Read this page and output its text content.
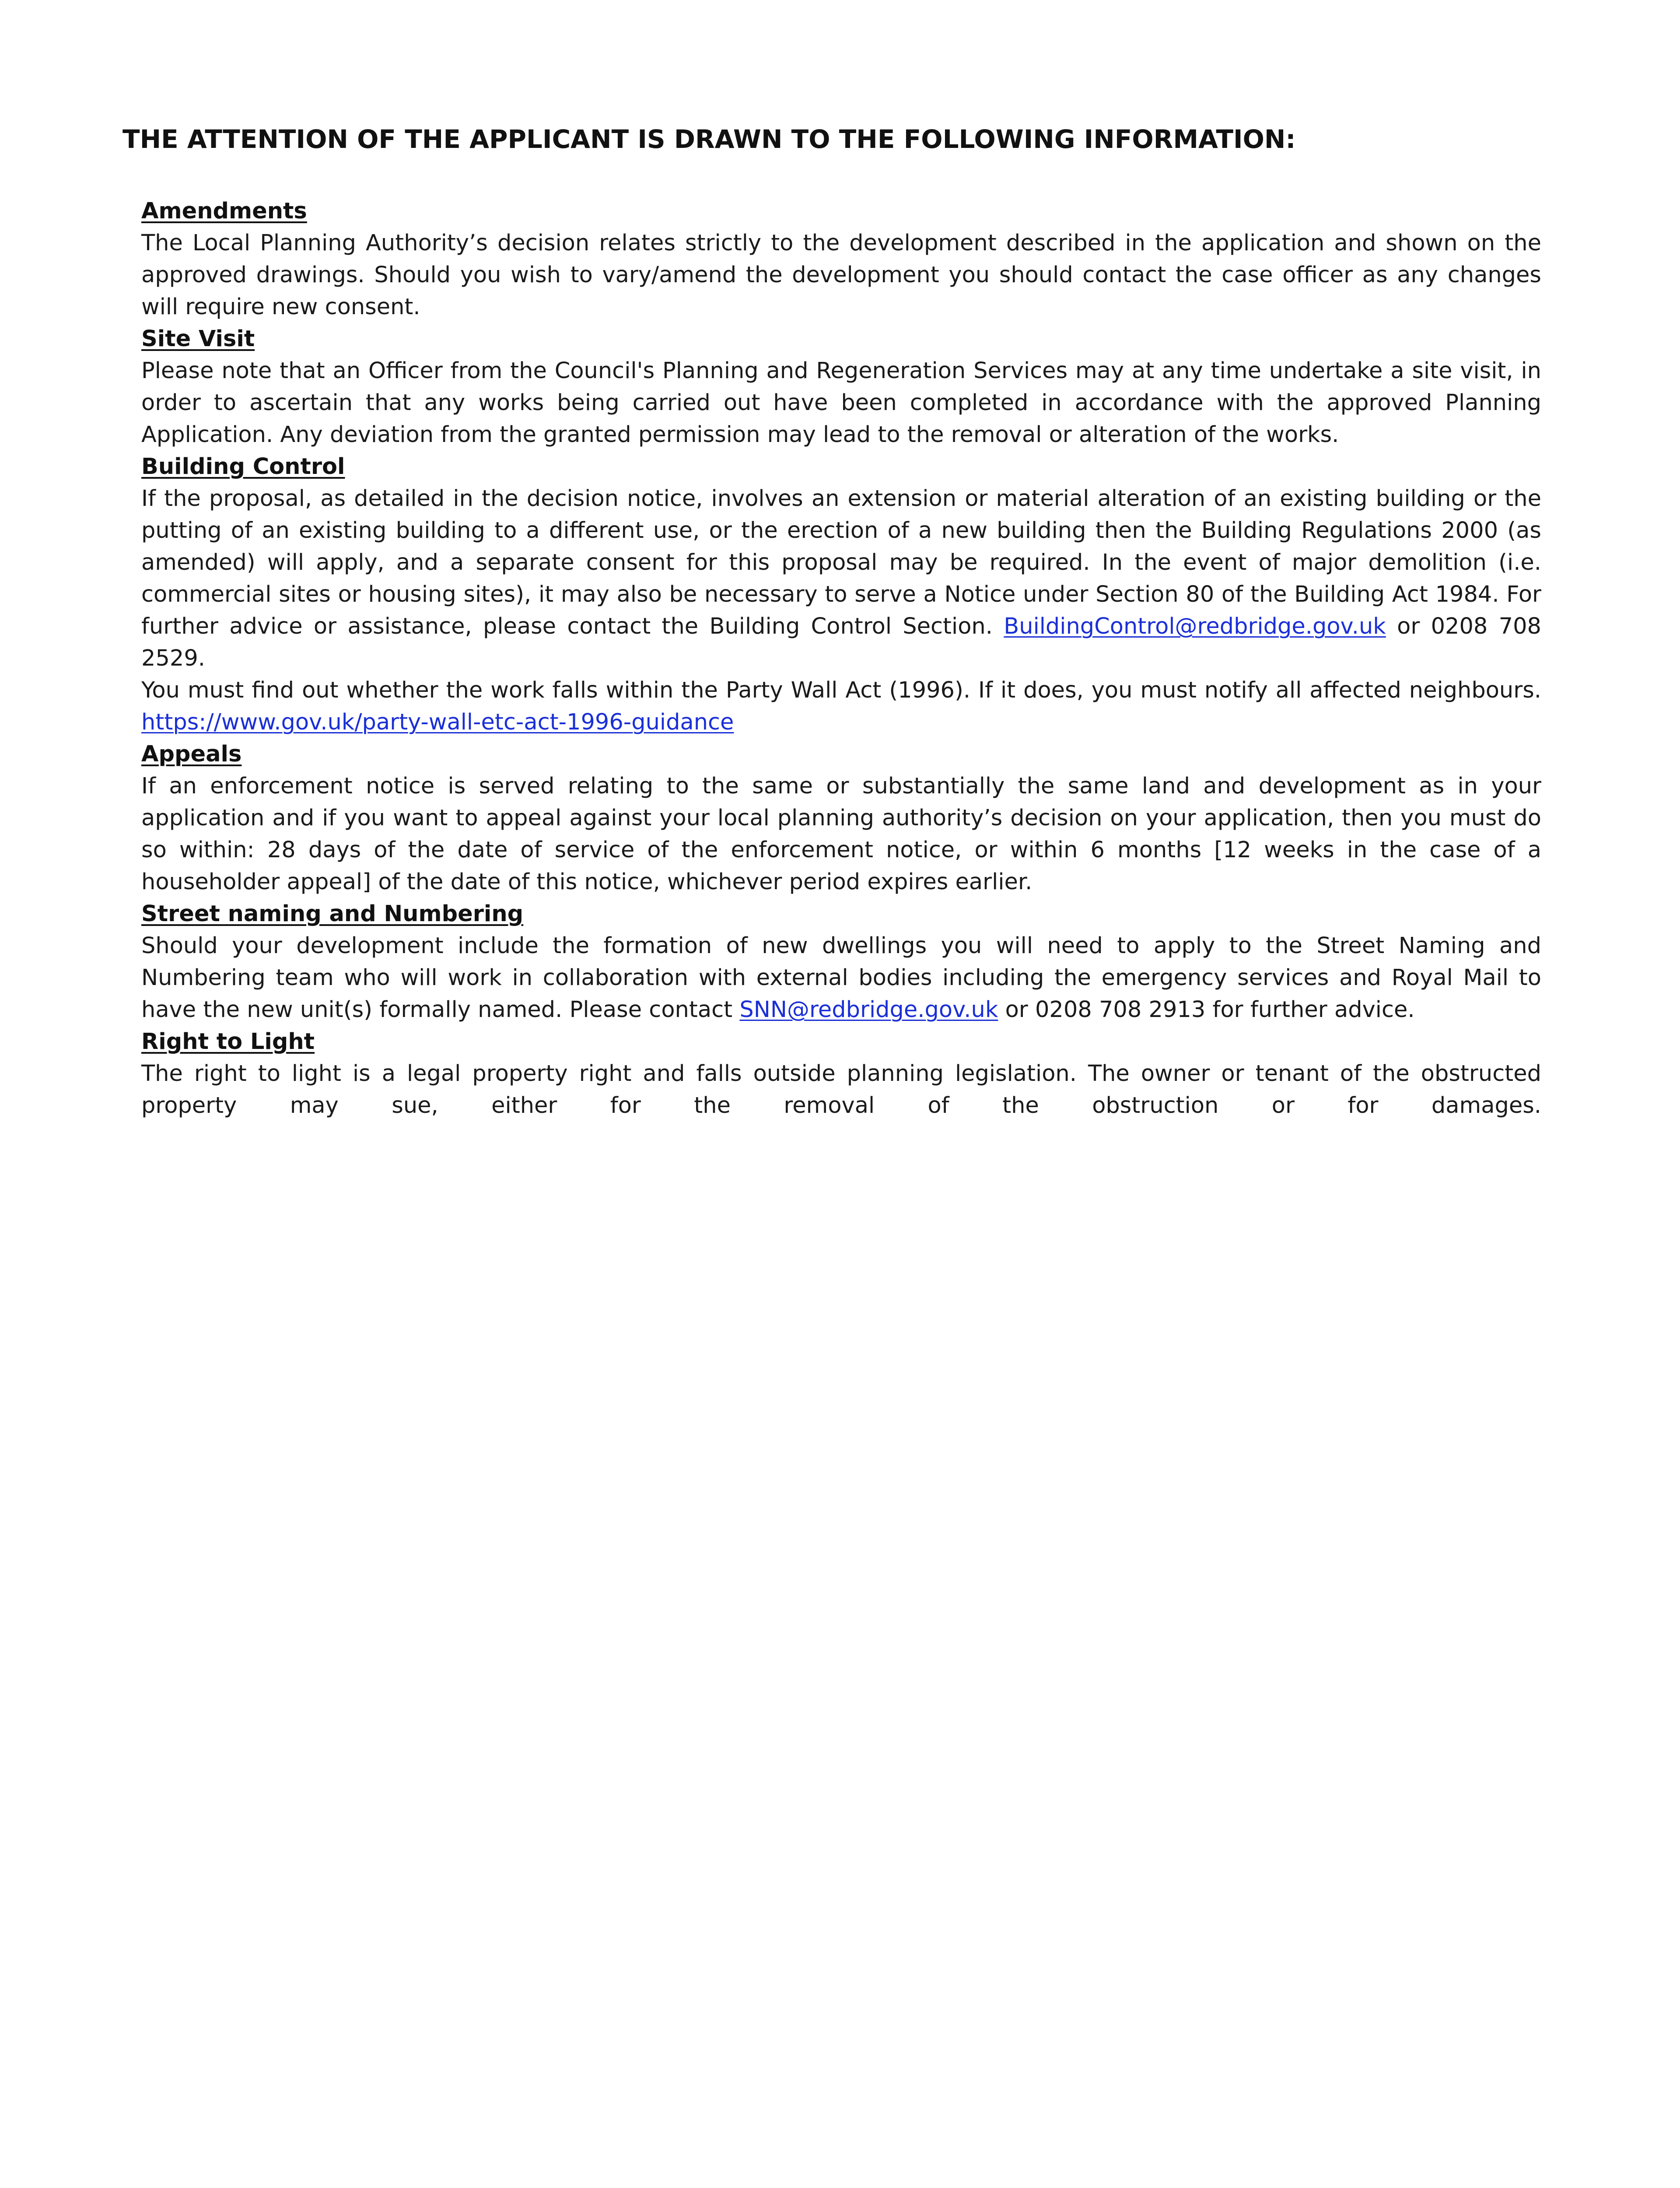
THE ATTENTION OF THE APPLICANT IS DRAWN TO THE FOLLOWING INFORMATION:
Amendments

The Local Planning Authority’s decision relates strictly to the development described in the application and shown on the approved drawings. Should you wish to vary/amend the development you should contact the case officer as any changes will require new consent.

Site Visit

Please note that an Officer from the Council's Planning and Regeneration Services may at any time undertake a site visit, in order to ascertain that any works being carried out have been completed in accordance with the approved Planning Application. Any deviation from the granted permission may lead to the removal or alteration of the works.

Building Control

If the proposal, as detailed in the decision notice, involves an extension or material alteration of an existing building or the putting of an existing building to a different use, or the erection of a new building then the Building Regulations 2000 (as amended) will apply, and a separate consent for this proposal may be required. In the event of major demolition (i.e. commercial sites or housing sites), it may also be necessary to serve a Notice under Section 80 of the Building Act 1984. For further advice or assistance, please contact the Building Control Section. BuildingControl@redbridge.gov.uk or 0208 708 2529.

You must find out whether the work falls within the Party Wall Act (1996). If it does, you must notify all affected neighbours. https://www.gov.uk/party-wall-etc-act-1996-guidance

Appeals

If an enforcement notice is served relating to the same or substantially the same land and development as in your application and if you want to appeal against your local planning authority’s decision on your application, then you must do so within: 28 days of the date of service of the enforcement notice, or within 6 months [12 weeks in the case of a householder appeal] of the date of this notice, whichever period expires earlier.

Street naming and Numbering

Should your development include the formation of new dwellings you will need to apply to the Street Naming and Numbering team who will work in collaboration with external bodies including the emergency services and Royal Mail to have the new unit(s) formally named. Please contact SNN@redbridge.gov.uk or 0208 708 2913 for further advice.

Right to Light

The right to light is a legal property right and falls outside planning legislation. The owner or tenant of the obstructed property may sue, either for the removal of the obstruction or for damages.
